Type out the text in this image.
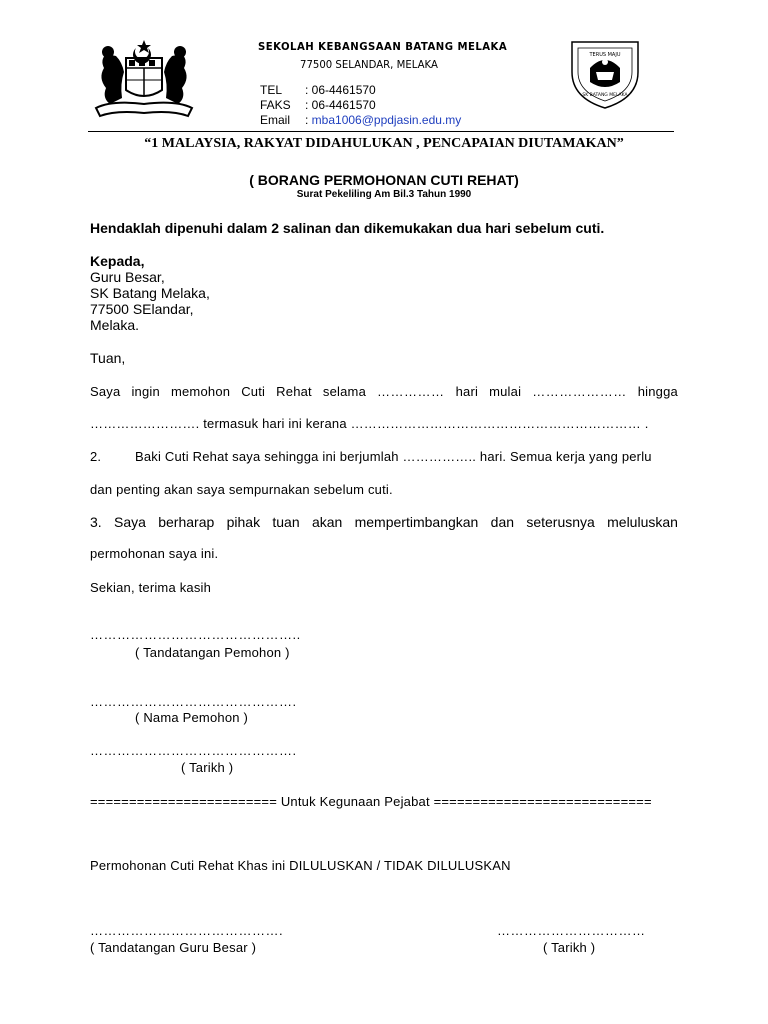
SEKOLAH KEBANGSAAN BATANG MELAKA
77500 SELANDAR, MELAKA
TEL : 06-4461570
FAKS : 06-4461570
Email : mba1006@ppdjasin.edu.my
TERUS MAJU
SK BATANG MELAKA
“1 MALAYSIA, RAKYAT DIDAHULUKAN , PENCAPAIAN DIUTAMAKAN”
( BORANG PERMOHONAN CUTI REHAT)
Surat Pekeliling Am Bil.3 Tahun 1990
Hendaklah dipenuhi dalam 2 salinan dan dikemukakan dua hari sebelum cuti.
Kepada,
Guru Besar,
SK Batang Melaka,
77500 SElandar,
Melaka.
Tuan,
Saya ingin memohon Cuti Rehat selama …………… hari mulai ………………… hingga
……………………. termasuk hari ini kerana ………………………………………………………… .
2.	Baki Cuti Rehat saya sehingga ini berjumlah …………….. hari. Semua kerja yang perlu
dan penting akan saya sempurnakan sebelum cuti.
3. Saya berharap pihak tuan akan mempertimbangkan dan seterusnya meluluskan
permohonan saya ini.
Sekian, terima kasih
………………………………………..
( Tandatangan Pemohon )
……………………………………….
( Nama Pemohon )
……………………………………….
( Tarikh )
======================== Untuk Kegunaan Pejabat ============================
Permohonan Cuti Rehat Khas ini DILULUSKAN / TIDAK DILULUSKAN
…………………………………….
( Tandatangan Guru Besar )
……………………………
( Tarikh )
